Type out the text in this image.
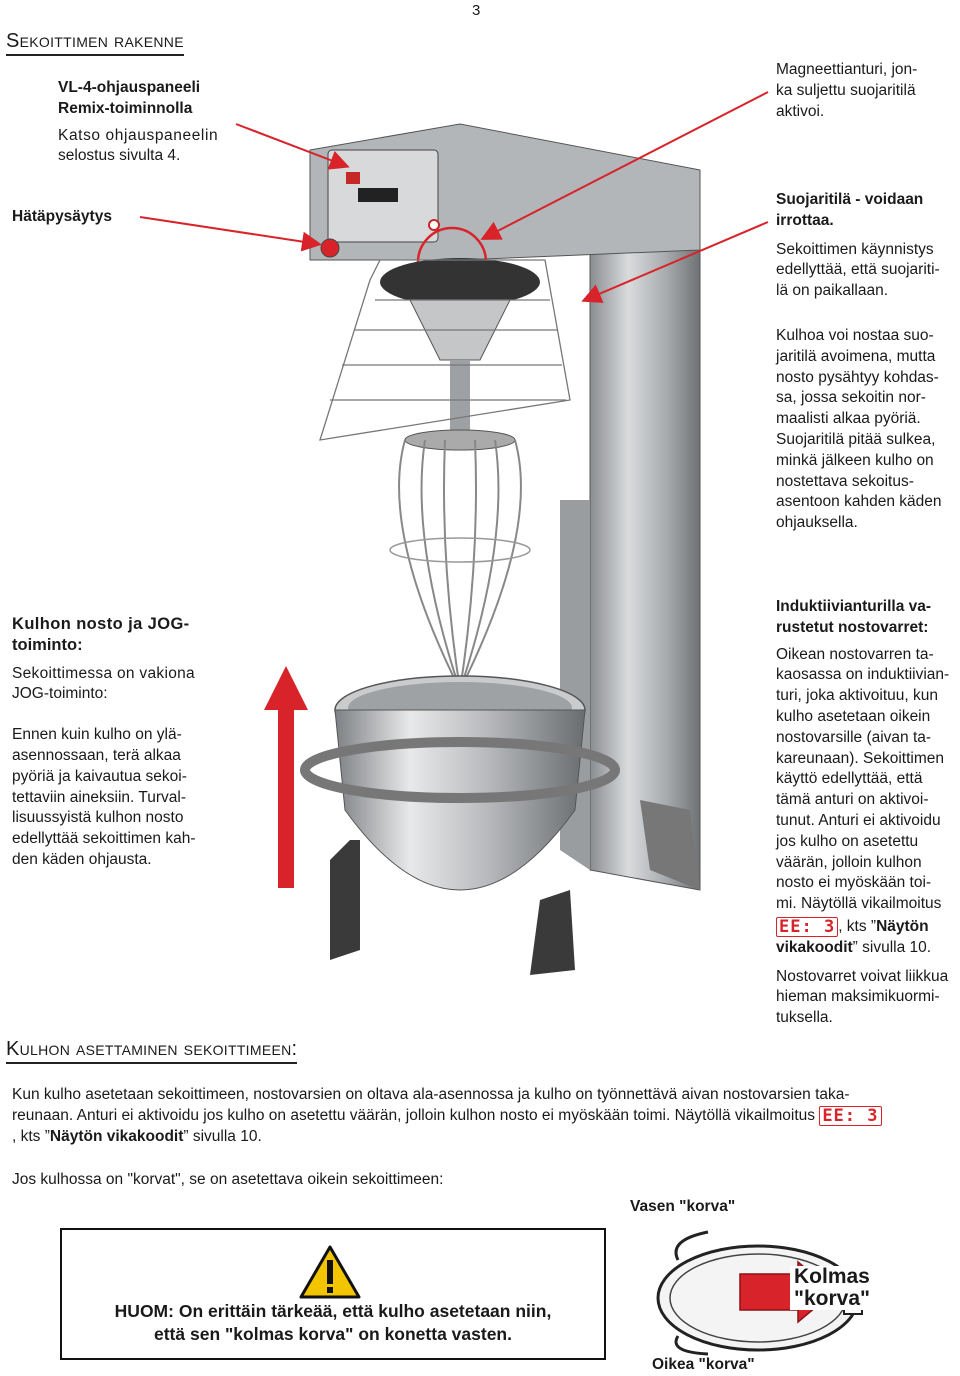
3
Sekoittimen rakenne
VL-4-ohjauspaneeli
Remix-toiminnolla
Katso ohjauspaneelin
selostus sivulta 4.
Hätäpysäytys
Magneettianturi, jon-
ka suljettu suojaritilä
aktivoi.
Suojaritilä - voidaan
irrottaa.
Sekoittimen käynnistys
edellyttää, että suojariti-
lä on paikallaan.
Kulhoa voi nostaa suo-
jaritilä avoimena, mutta
nosto pysähtyy kohdas-
sa, jossa sekoitin nor-
maalisti alkaa pyöriä.
Suojaritilä pitää sulkea,
minkä jälkeen kulho on
nostettava sekoitus-
asentoon kahden käden
ohjauksella.
Kulhon nosto ja JOG-
toiminto:
Sekoittimessa on vakiona
JOG-toiminto:
Ennen kuin kulho on ylä-
asennossaan, terä alkaa
pyöriä ja kaivautua sekoi-
tettaviin aineksiin. Turval-
lisuussyistä kulhon nosto
edellyttää sekoittimen kah-
den käden ohjausta.
Induktiivianturilla va-
rustetut nostovarret:
Oikean nostovarren ta-
kaosassa on induktiivian-
turi, joka aktivoituu, kun
kulho asetetaan oikein
nostovarsille (aivan ta-
kareunaan). Sekoittimen
käyttö edellyttää, että
tämä anturi on aktivoi-
tunut. Anturi ei aktivoidu
jos kulho on asetettu
väärän, jolloin kulhon
nosto ei myöskään toi-
mi. Näytöllä vikailmoitus
EE: 3 , kts ”Näytön
vikakoodit” sivulla 10.
Nostovarret voivat liikkua
hieman maksimikuormi-
tuksella.
Kulhon asettaminen sekoittimeen:
Kun kulho asetetaan sekoittimeen, nostovarsien on oltava ala-asennossa ja kulho on työnnettävä aivan nostovarsien taka-
reunaan. Anturi ei aktivoidu jos kulho on asetettu väärän, jolloin kulhon nosto ei myöskään toimi. Näytöllä vikailmoitus EE: 3
, kts ”Näytön vikakoodit” sivulla 10.
Jos kulhossa on "korvat", se on asetettava oikein sekoittimeen:
HUOM: On erittäin tärkeää, että kulho asetetaan niin,
että sen "kolmas korva" on konetta vasten.
Vasen "korva"
Oikea "korva"
Kolmas
"korva"
